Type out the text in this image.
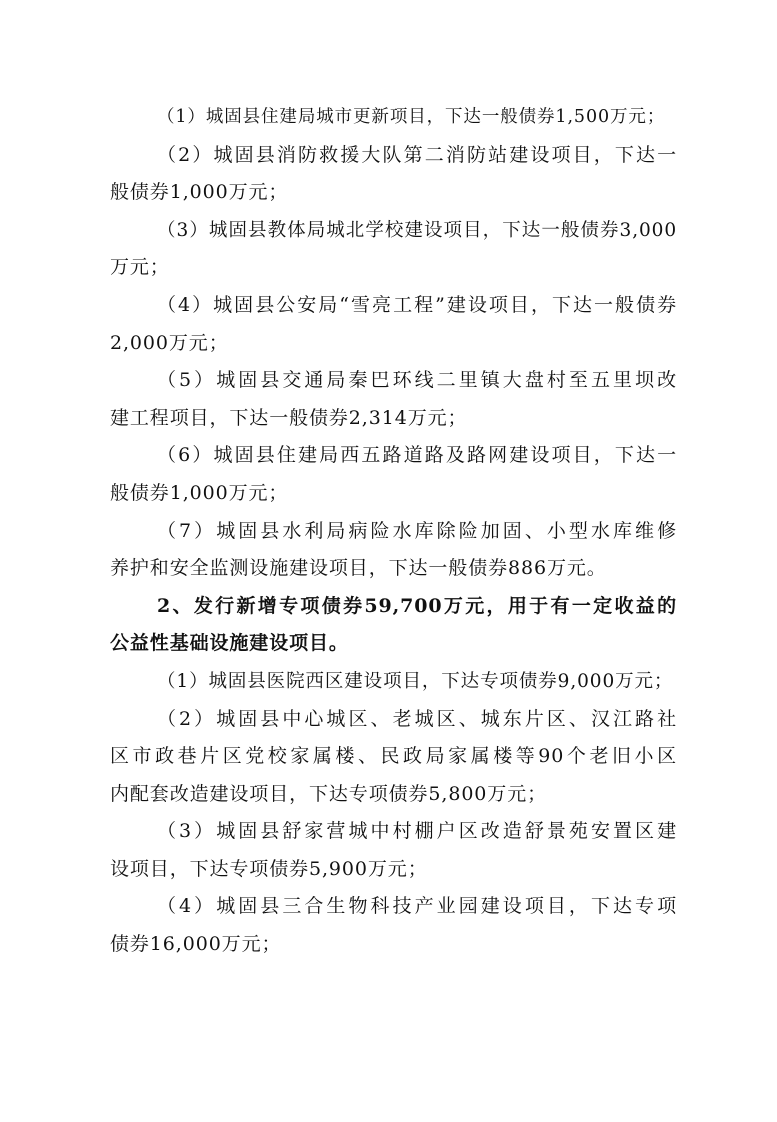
（1）城固县住建局城市更新项目，下达一般债券1,500万元；
（2）城固县消防救援大队第二消防站建设项目，下达一
般债券1,000万元；
（3）城固县教体局城北学校建设项目，下达一般债券3,000
万元；
（4）城固县公安局“雪亮工程”建设项目，下达一般债券
2,000万元；
（5）城固县交通局秦巴环线二里镇大盘村至五里坝改
建工程项目，下达一般债券2,314万元；
（6）城固县住建局西五路道路及路网建设项目，下达一
般债券1,000万元；
（7）城固县水利局病险水库除险加固、小型水库维修
养护和安全监测设施建设项目，下达一般债券886万元。
2、发行新增专项债券59,700万元，用于有一定收益的
公益性基础设施建设项目。
（1）城固县医院西区建设项目，下达专项债券9,000万元；
（2）城固县中心城区、老城区、城东片区、汉江路社
区市政巷片区党校家属楼、民政局家属楼等90个老旧小区
内配套改造建设项目，下达专项债券5,800万元；
（3）城固县舒家营城中村棚户区改造舒景苑安置区建
设项目，下达专项债券5,900万元；
（4）城固县三合生物科技产业园建设项目，下达专项
债券16,000万元；
